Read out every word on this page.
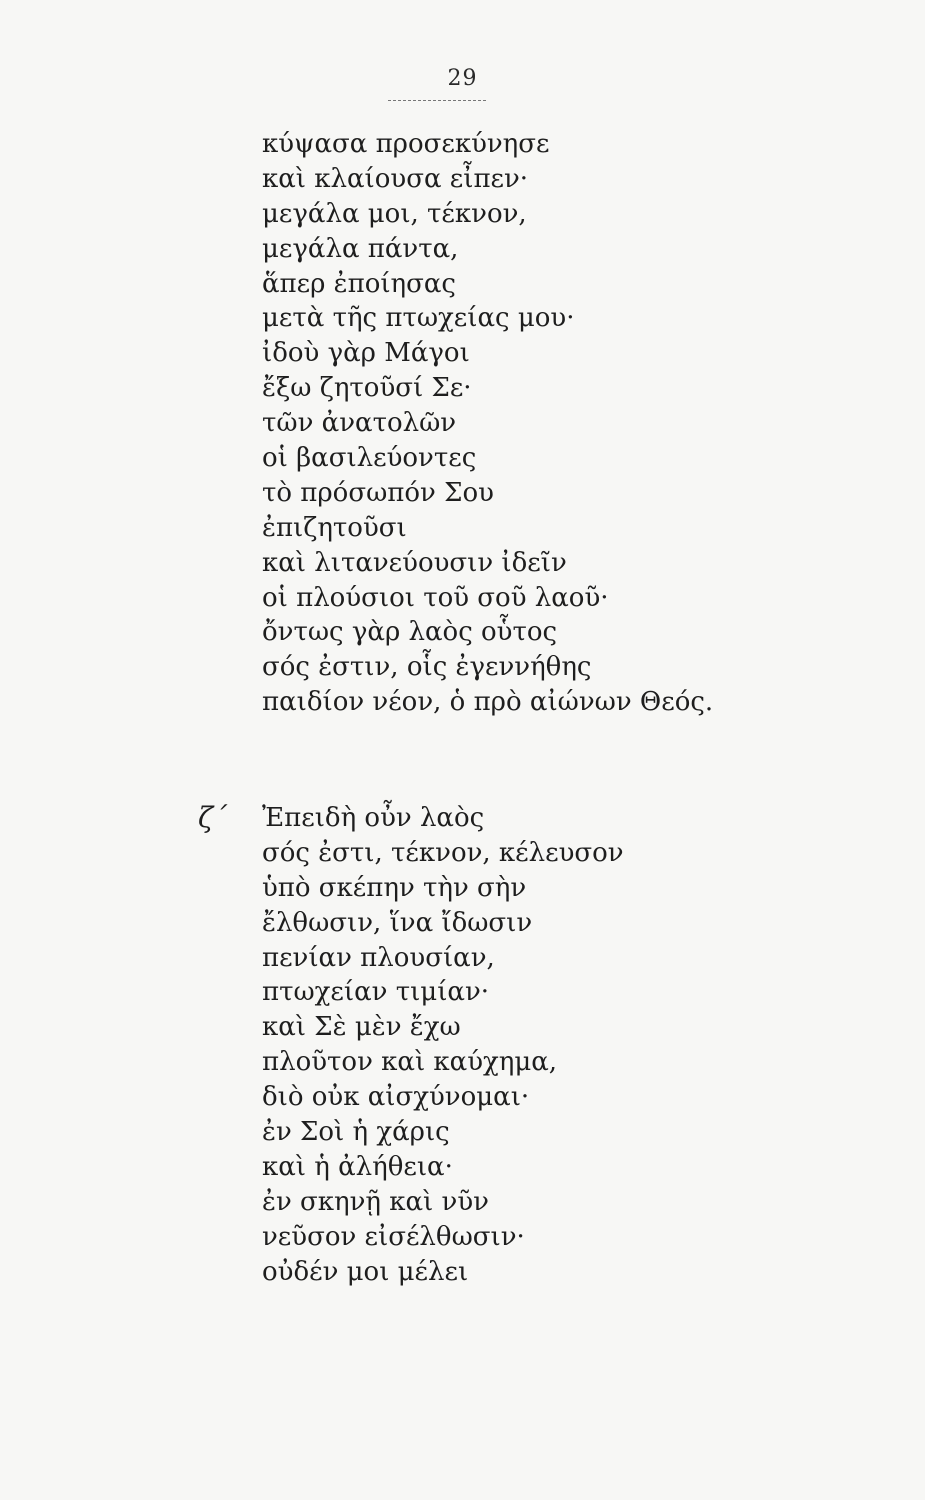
29
κύψασα προσεκύνησε
καὶ κλαίουσα εἶπεν·
μεγάλα μοι, τέκνον,
μεγάλα πάντα,
ἅπερ ἐποίησας
μετὰ τῆς πτωχείας μου·
ἰδοὺ γὰρ Μάγοι
ἔξω ζητοῦσί Σε·
τῶν ἀνατολῶν
οἱ βασιλεύοντες
τὸ πρόσωπόν Σου
ἐπιζητοῦσι
καὶ λιτανεύουσιν ἰδεῖν
οἱ πλούσιοι τοῦ σοῦ λαοῦ·
ὄντως γὰρ λαὸς οὗτος
σός ἐστιν, οἷς ἐγεννήθης
παιδίον νέον, ὁ πρὸ αἰώνων Θεός.
ζ΄ Ἐπειδὴ οὖν λαὸς
σός ἐστι, τέκνον, κέλευσον
ὑπὸ σκέπην τὴν σὴν
ἔλθωσιν, ἵνα ἴδωσιν
πενίαν πλουσίαν,
πτωχείαν τιμίαν·
καὶ Σὲ μὲν ἔχω
πλοῦτον καὶ καύχημα,
διὸ οὐκ αἰσχύνομαι·
ἐν Σοὶ ἡ χάρις
καὶ ἡ ἀλήθεια·
ἐν σκηνῇ καὶ νῦν
νεῦσον εἰσέλθωσιν·
οὐδέν μοι μέλει
